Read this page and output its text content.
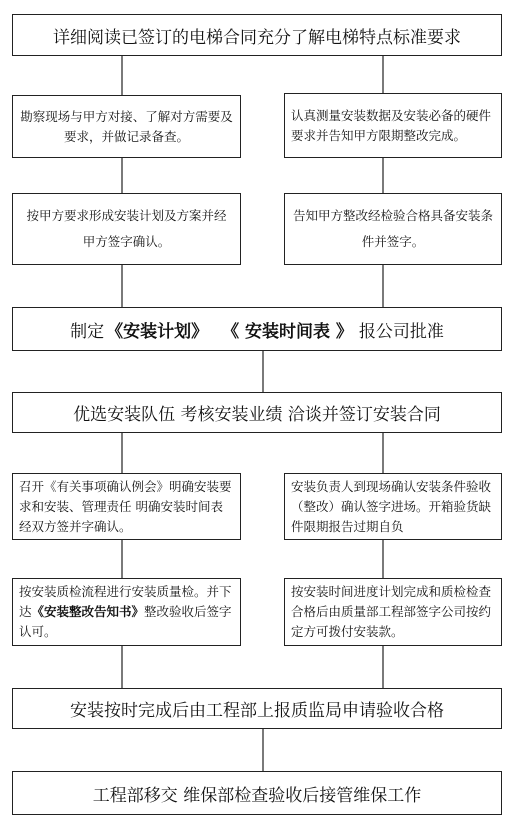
详细阅读已签订的电梯合同充分了解电梯特点标准要求
勘察现场与甲方对接、了解对方需要及要求，并做记录备查。
认真测量安装数据及安装必备的硬件要求并告知甲方限期整改完成。
按甲方要求形成安装计划及方案并经甲方签字确认。
告知甲方整改经检验合格具备安装条件并签字。
制定 《安装计划》 《 安装时间表 》 报公司批准
优选安装队伍 考核安装业绩 洽谈并签订安装合同
召开《有关事项确认例会》明确安装要求和安装、管理责任 明确安装时间表 经双方签并字确认。
安装负责人到现场确认安装条件验收（整改）确认签字进场。开箱验货缺件限期报告过期自负
按安装质检流程进行安装质量检。并下达《安装整改告知书》整改验收后签字认可。
按安装时间进度计划完成和质检检查合格后由质量部工程部签字公司按约定方可拨付安装款。
安装按时完成后由工程部上报质监局申请验收合格
工程部移交 维保部检查验收后接管维保工作
